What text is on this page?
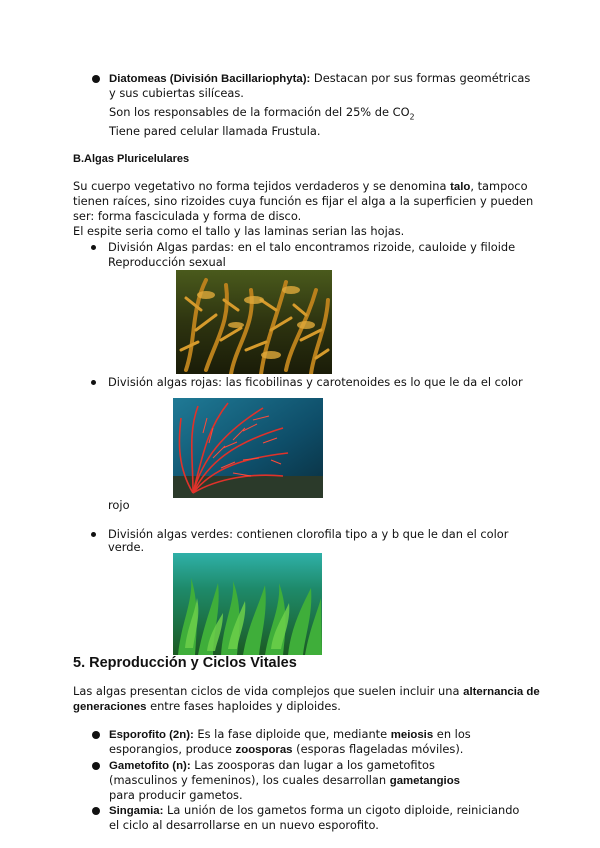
Diatomeas (División Bacillariophyta): Destacan por sus formas geométricas
y sus cubiertas silíceas.
Son los responsables de la formación del 25% de $CO_2$
Tiene pared celular llamada Frustula.
B.Algas Pluricelulares
Su cuerpo vegetativo no forma tejidos verdaderos y se denomina talo, tampoco
tienen raíces, sino rizoides cuya función es fijar el alga a la superficien y pueden
ser: forma fasciculada y forma de disco.
El espite seria como el tallo y las laminas serian las hojas.
División Algas pardas: en el talo encontramos rizoide, cauloide y filoide
Reproducción sexual
División algas rojas: las ficobilinas y carotenoides es lo que le da el color
rojo
División algas verdes: contienen clorofila tipo a y b que le dan el color
verde.
5. Reproducción y Ciclos Vitales
Las algas presentan ciclos de vida complejos que suelen incluir una alternancia de
generaciones entre fases haploides y diploides.
Esporofito (2n): Es la fase diploide que, mediante meiosis en los
esporangios, produce zoosporas (esporas flageladas móviles).
Gametofito (n): Las zoosporas dan lugar a los gametofitos
(masculinos y femeninos), los cuales desarrollan gametangios
para producir gametos.
Singamia: La unión de los gametos forma un cigoto diploide, reiniciando
el ciclo al desarrollarse en un nuevo esporofito.
